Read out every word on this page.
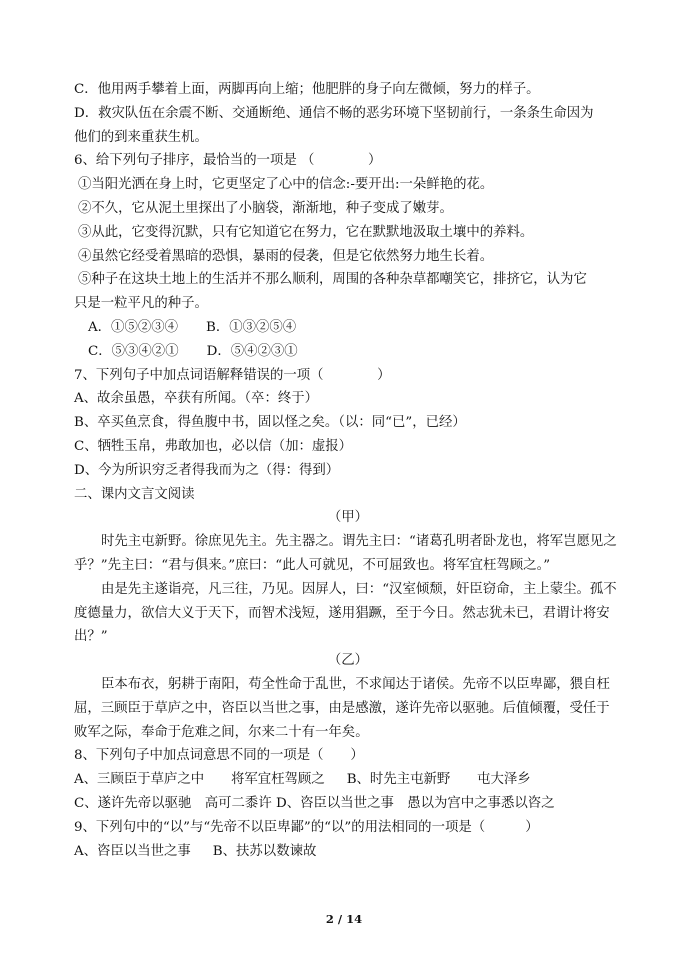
C．他用两手攀着上面，两脚再向上缩；他肥胖的身子向左微倾，努力的样子。
D．救灾队伍在余震不断、交通断绝、通信不畅的恶劣环境下坚韧前行，一条条生命因为
他们的到来重获生机。
6、给下列句子排序，最恰当的一项是 （　　　　）
①当阳光洒在身上时，它更坚定了心中的信念:-要开出:一朵鲜艳的花。
②不久，它从泥土里探出了小脑袋，渐渐地，种子变成了嫩芽。
③从此，它变得沉默，只有它知道它在努力，它在默默地汲取土壤中的养料。
④虽然它经受着黑暗的恐惧，暴雨的侵袭，但是它依然努力地生长着。
⑤种子在这块土地上的生活并不那么顺利，周围的各种杂草都嘲笑它，排挤它，认为它
只是一粒平凡的种子。
A．①⑤②③④ B．①③②⑤④
C．⑤③④②① D．⑤④②③①
7、下列句子中加点词语解释错误的一项（　　　　）
A、故余虽愚，卒获有所闻。（卒：终于）
B、卒买鱼烹食，得鱼腹中书，固以怪之矣。（以：同“已”，已经）
C、牺牲玉帛，弗敢加也，必以信（加：虚报）
D、今为所识穷乏者得我而为之（得：得到）
二、课内文言文阅读
（甲）
时先主屯新野。徐庶见先主。先主器之。谓先主曰：“诸葛孔明者卧龙也，将军岂愿见之乎？”先主曰：“君与俱来。”庶曰：“此人可就见，不可屈致也。将军宜枉驾顾之。”
由是先主遂诣亮，凡三往，乃见。因屏人，曰：“汉室倾颓，奸臣窃命，主上蒙尘。孤不度德量力，欲信大义于天下，而智术浅短，遂用猖蹶，至于今日。然志犹未已，君谓计将安出？”
（乙）
臣本布衣，躬耕于南阳，苟全性命于乱世，不求闻达于诸侯。先帝不以臣卑鄙，猥自枉屈，三顾臣于草庐之中，咨臣以当世之事，由是感激，遂许先帝以驱驰。后值倾覆，受任于败军之际，奉命于危难之间，尔来二十有一年矣。
8、下列句子中加点词意思不同的一项是（　　）
A、三顾臣于草庐之中　　将军宜枉驾顾之 B、时先主屯新野　　屯大泽乡
C、遂许先帝以驱驰　高可二黍许 D、咨臣以当世之事　愚以为宫中之事悉以咨之
9、下列句中的“以”与“先帝不以臣卑鄙”的“以”的用法相同的一项是（　　　）
A、咨臣以当世之事 B、扶苏以数谏故
2 / 14
